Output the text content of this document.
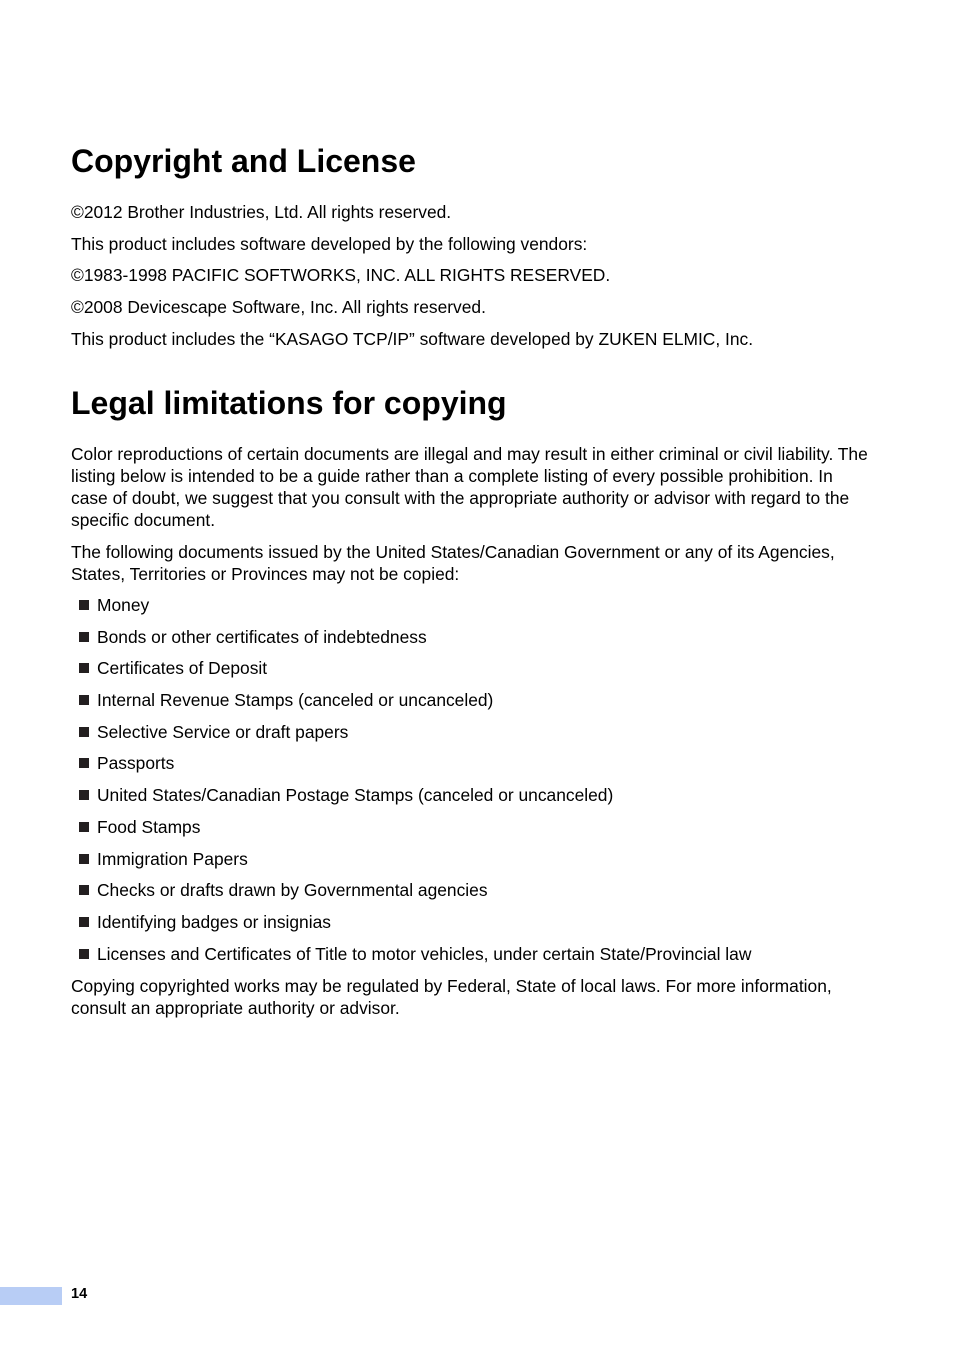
Copyright and License

©2012 Brother Industries, Ltd. All rights reserved.

This product includes software developed by the following vendors:

©1983-1998 PACIFIC SOFTWORKS, INC. ALL RIGHTS RESERVED.

©2008 Devicescape Software, Inc. All rights reserved.

This product includes the “KASAGO TCP/IP” software developed by ZUKEN ELMIC, Inc.

Legal limitations for copying

Color reproductions of certain documents are illegal and may result in either criminal or civil liability. The listing below is intended to be a guide rather than a complete listing of every possible prohibition. In case of doubt, we suggest that you consult with the appropriate authority or advisor with regard to the specific document.

The following documents issued by the United States/Canadian Government or any of its Agencies, States, Territories or Provinces may not be copied:

Money
Bonds or other certificates of indebtedness
Certificates of Deposit
Internal Revenue Stamps (canceled or uncanceled)
Selective Service or draft papers
Passports
United States/Canadian Postage Stamps (canceled or uncanceled)
Food Stamps
Immigration Papers
Checks or drafts drawn by Governmental agencies
Identifying badges or insignias
Licenses and Certificates of Title to motor vehicles, under certain State/Provincial law

Copying copyrighted works may be regulated by Federal, State of local laws. For more information, consult an appropriate authority or advisor.

14
